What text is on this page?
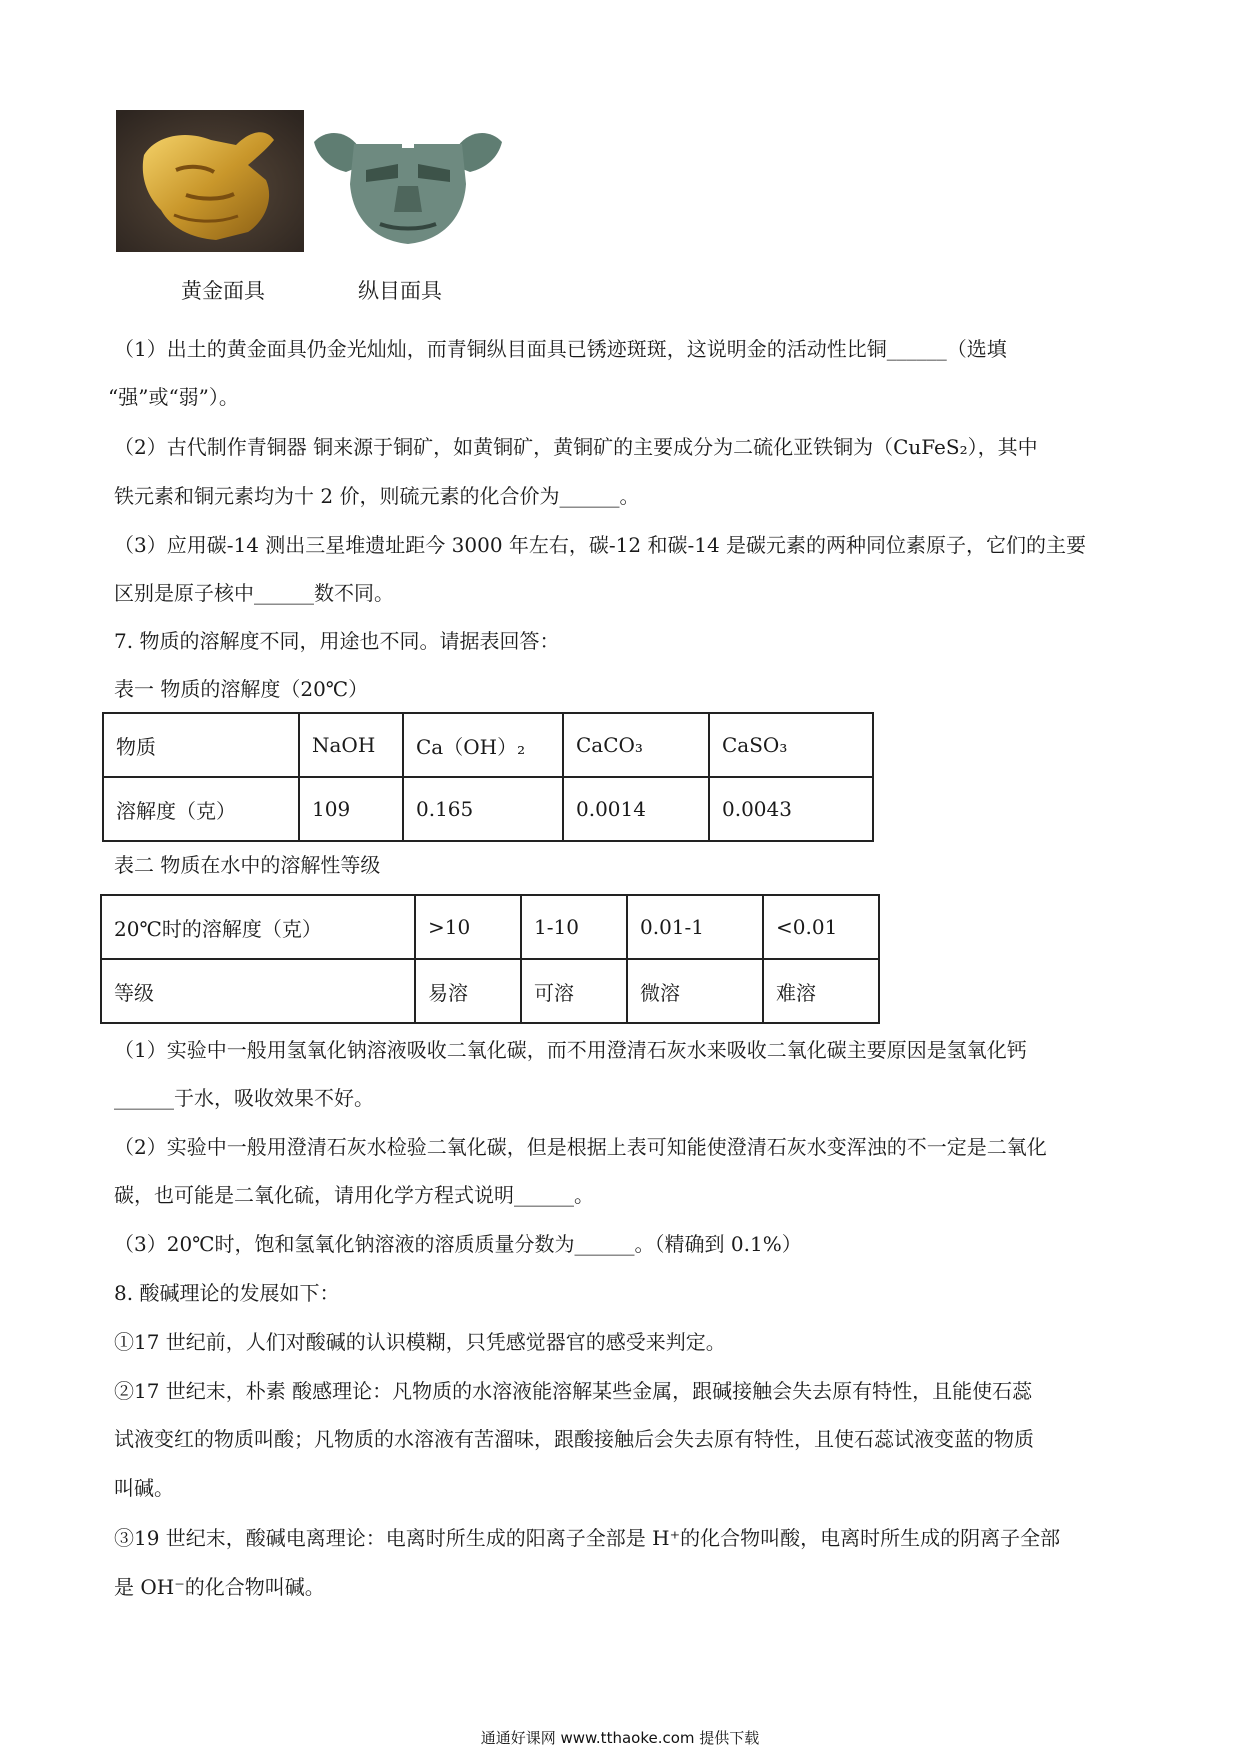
黄金面具	纵目面具
（1）出土的黄金面具仍金光灿灿，而青铜纵目面具已锈迹斑斑，这说明金的活动性比铜______（选填
“强”或“弱”）。
（2）古代制作青铜器 铜来源于铜矿，如黄铜矿，黄铜矿的主要成分为二硫化亚铁铜为（CuFeS₂），其中
铁元素和铜元素均为十 2 价，则硫元素的化合价为______。
（3）应用碳-14 测出三星堆遗址距今 3000 年左右，碳-12 和碳-14 是碳元素的两种同位素原子，它们的主要
区别是原子核中______数不同。
7. 物质的溶解度不同，用途也不同。请据表回答：
表一 物质的溶解度（20℃）
物质	NaOH	Ca（OH）₂	CaCO₃	CaSO₃
溶解度（克）	109	0.165	0.0014	0.0043
表二 物质在水中的溶解性等级
20℃时的溶解度（克）	>10	1-10	0.01-1	<0.01
等级	易溶	可溶	微溶	难溶
（1）实验中一般用氢氧化钠溶液吸收二氧化碳，而不用澄清石灰水来吸收二氧化碳主要原因是氢氧化钙
______于水，吸收效果不好。
（2）实验中一般用澄清石灰水检验二氧化碳，但是根据上表可知能使澄清石灰水变浑浊的不一定是二氧化
碳，也可能是二氧化硫，请用化学方程式说明______。
（3）20℃时，饱和氢氧化钠溶液的溶质质量分数为______。（精确到 0.1%）
8. 酸碱理论的发展如下：
①17 世纪前，人们对酸碱的认识模糊，只凭感觉器官的感受来判定。
②17 世纪末，朴素 酸感理论：凡物质的水溶液能溶解某些金属，跟碱接触会失去原有特性，且能使石蕊
试液变红的物质叫酸；凡物质的水溶液有苦溜味，跟酸接触后会失去原有特性，且使石蕊试液变蓝的物质
叫碱。
③19 世纪末，酸碱电离理论：电离时所生成的阳离子全部是 H⁺的化合物叫酸，电离时所生成的阴离子全部
是 OH⁻的化合物叫碱。
通通好课网 www.tthaoke.com 提供下载
